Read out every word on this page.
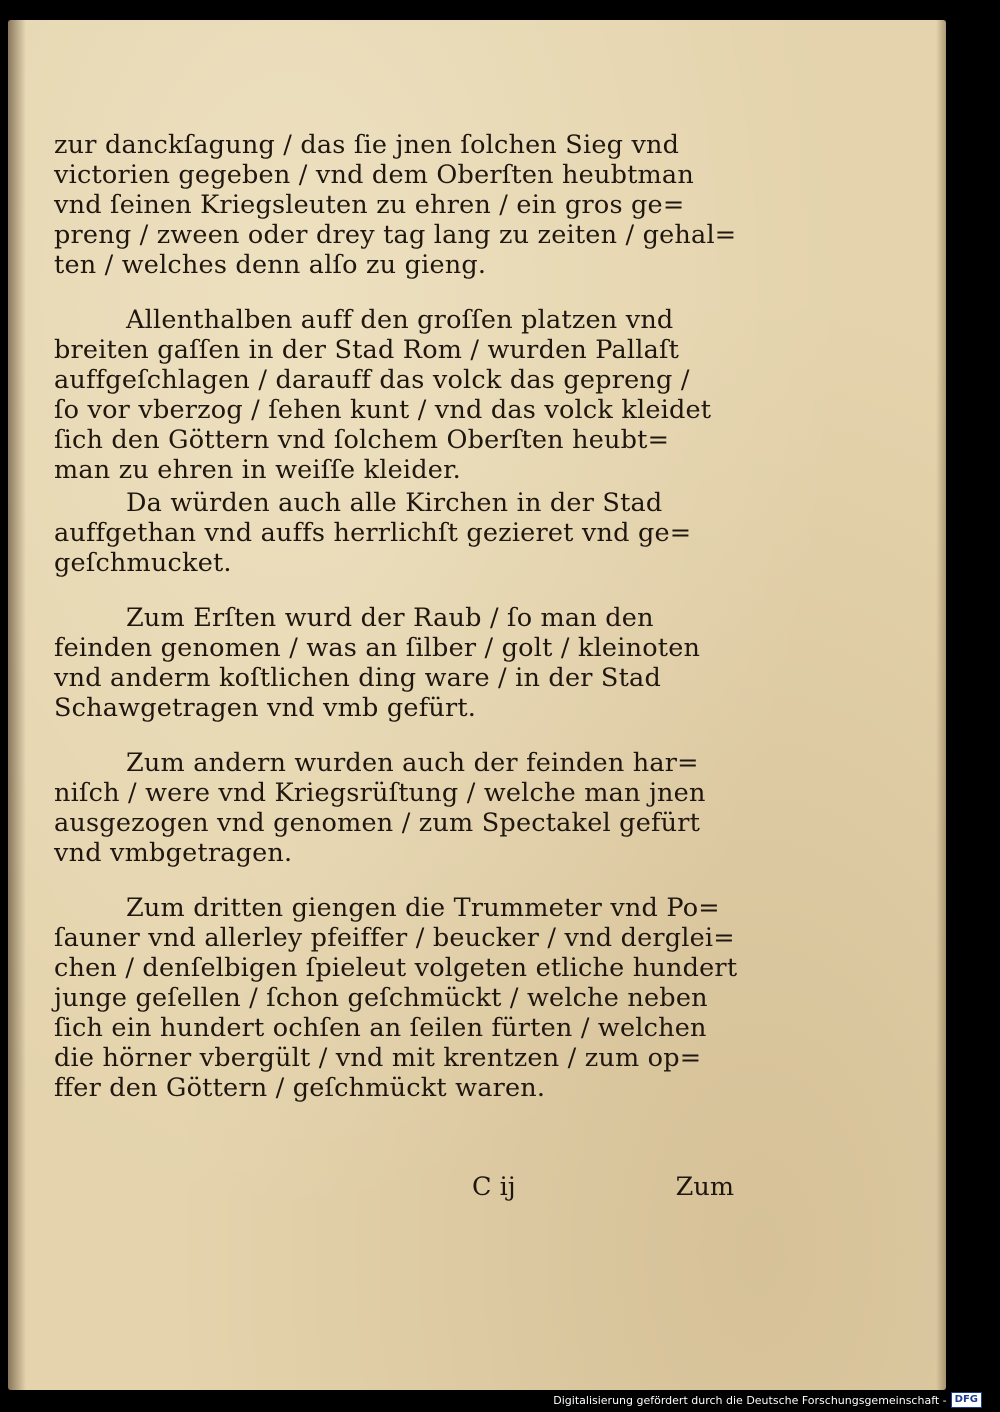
zur danckſagung / das ſie jnen ſolchen Sieg vnd
victorien gegeben / vnd dem Oberſten heubtman
vnd ſeinen Kriegsleuten zu ehren / ein gros ge=
preng / zween oder drey tag lang zu zeiten / gehal=
ten / welches denn alſo zu gieng.

Allenthalben auff den groſſen platzen vnd
breiten gaſſen in der Stad Rom / wurden Pallaſt
auffgeſchlagen / darauff das volck das gepreng /
ſo vor vberzog / ſehen kunt / vnd das volck kleidet
ſich den Göttern vnd ſolchem Oberſten heubt=
man zu ehren in weiſſe kleider.

Da würden auch alle Kirchen in der Stad
auffgethan vnd auffs herrlichſt gezieret vnd ge=
geſchmucket.

Zum Erſten wurd der Raub / ſo man den
feinden genomen / was an ſilber / golt / kleinoten
vnd anderm koſtlichen ding ware / in der Stad
Schawgetragen vnd vmb gefürt.

Zum andern wurden auch der feinden har=
niſch / were vnd Kriegsrüſtung / welche man jnen
ausgezogen vnd genomen / zum Spectakel gefürt
vnd vmbgetragen.

Zum dritten giengen die Trummeter vnd Po=
ſauner vnd allerley pfeiffer / beucker / vnd derglei=
chen / denſelbigen ſpieleut volgeten etliche hundert
junge geſellen / ſchon geſchmückt / welche neben
ſich ein hundert ochſen an ſeilen fürten / welchen
die hörner vbergült / vnd mit krentzen / zum op=
ffer den Göttern / geſchmückt waren.

C ij	Zum
Digitalisierung gefördert durch die Deutsche Forschungsgemeinschaft - DFG
